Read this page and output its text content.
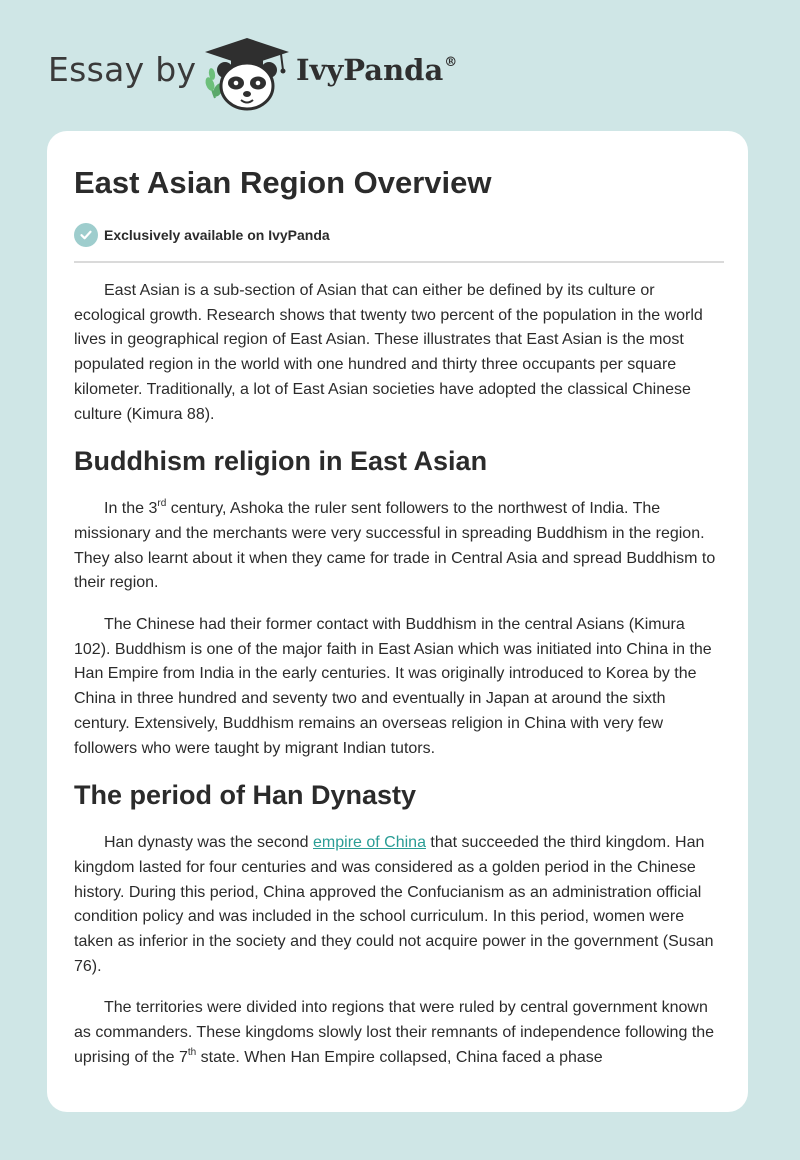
Essay by	IvyPanda®
East Asian Region Overview
Exclusively available on IvyPanda

East Asian is a sub-section of Asian that can either be defined by its culture or ecological growth. Research shows that twenty two percent of the population in the world lives in geographical region of East Asian. These illustrates that East Asian is the most populated region in the world with one hundred and thirty three occupants per square kilometer. Traditionally, a lot of East Asian societies have adopted the classical Chinese culture (Kimura 88).

Buddhism religion in East Asian

In the 3rd century, Ashoka the ruler sent followers to the northwest of India. The missionary and the merchants were very successful in spreading Buddhism in the region. They also learnt about it when they came for trade in Central Asia and spread Buddhism to their region.

The Chinese had their former contact with Buddhism in the central Asians (Kimura 102). Buddhism is one of the major faith in East Asian which was initiated into China in the Han Empire from India in the early centuries. It was originally introduced to Korea by the China in three hundred and seventy two and eventually in Japan at around the sixth century. Extensively, Buddhism remains an overseas religion in China with very few followers who were taught by migrant Indian tutors.

The period of Han Dynasty

Han dynasty was the second empire of China that succeeded the third kingdom. Han kingdom lasted for four centuries and was considered as a golden period in the Chinese history. During this period, China approved the Confucianism as an administration official condition policy and was included in the school curriculum. In this period, women were taken as inferior in the society and they could not acquire power in the government (Susan 76).

The territories were divided into regions that were ruled by central government known as commanders. These kingdoms slowly lost their remnants of independence following the uprising of the 7th state. When Han Empire collapsed, China faced a phase
